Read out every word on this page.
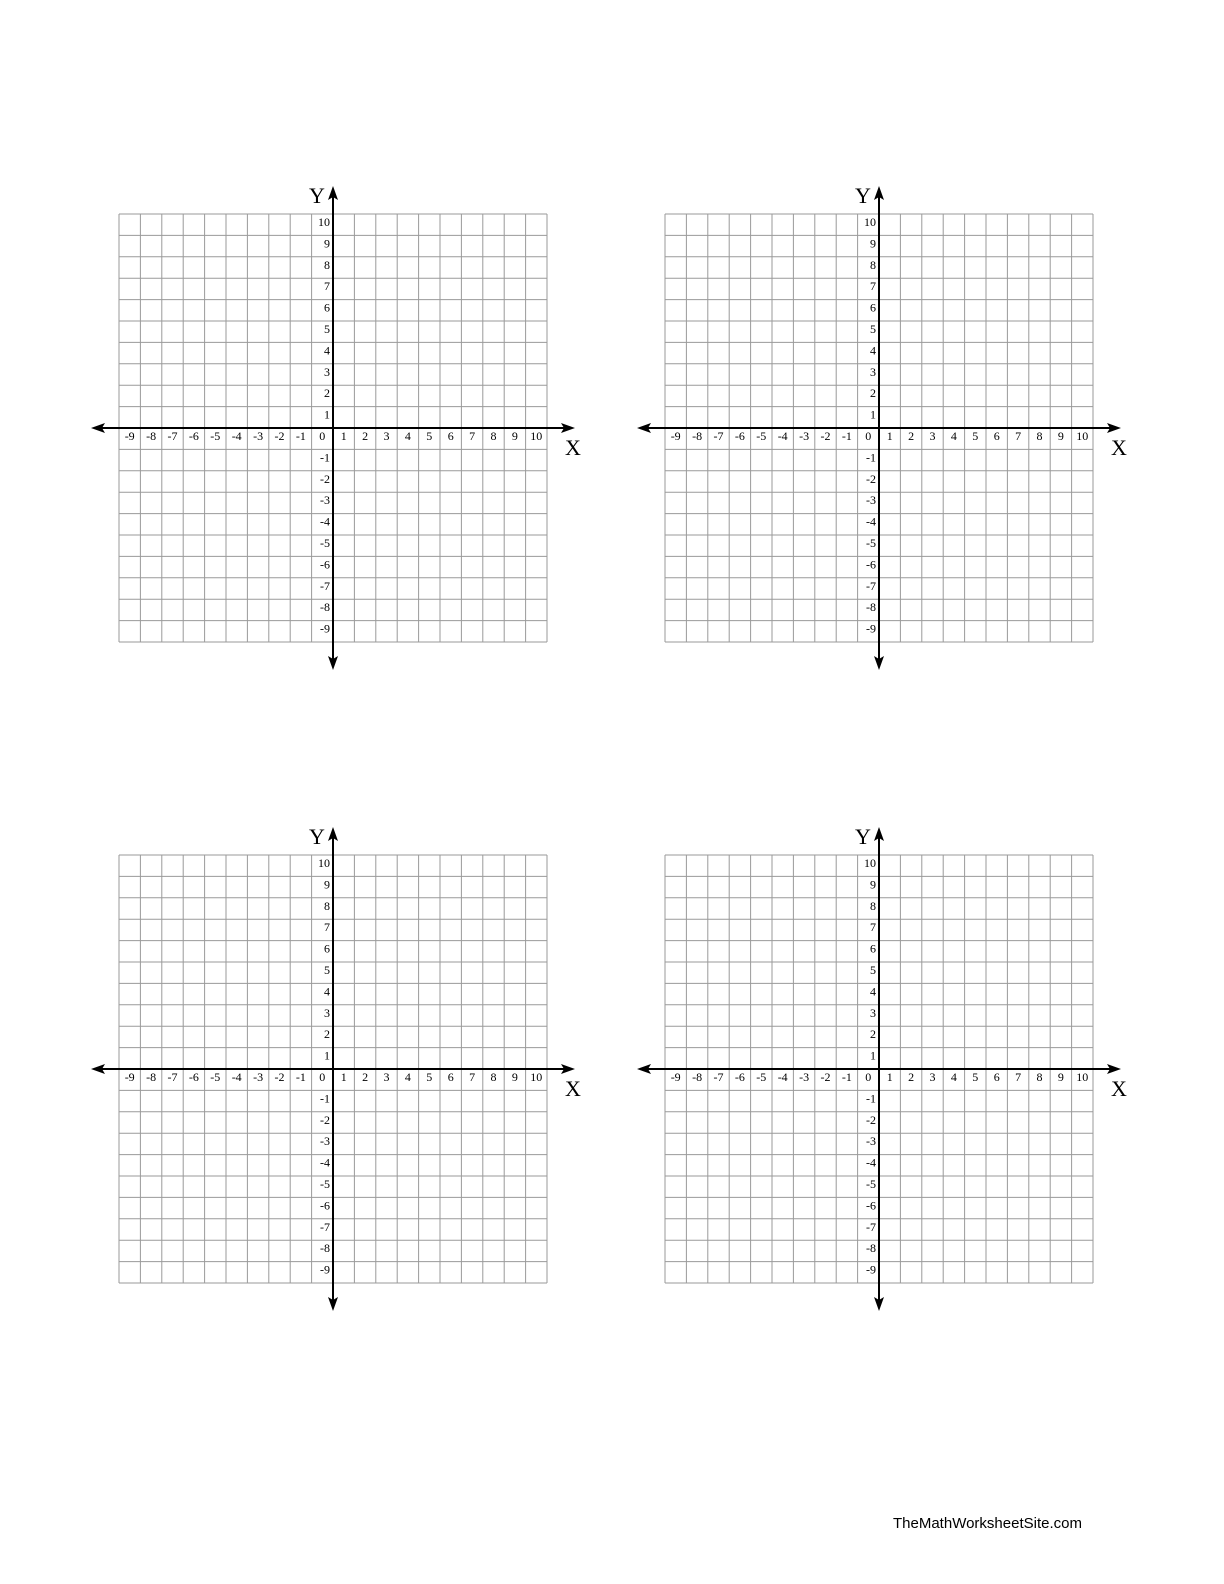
X
Y
-9 -8 -7 -6 -5 -4 -3 -2 -1 0 1 2 3 4 5 6 7 8 9 10
10
9
8
7
6
5
4
3
2
1
-1
-2
-3
-4
-5
-6
-7
-8
-9
X
Y
-9 -8 -7 -6 -5 -4 -3 -2 -1 0 1 2 3 4 5 6 7 8 9 10
10
9
8
7
6
5
4
3
2
1
-1
-2
-3
-4
-5
-6
-7
-8
-9
X
Y
-9 -8 -7 -6 -5 -4 -3 -2 -1 0 1 2 3 4 5 6 7 8 9 10
10
9
8
7
6
5
4
3
2
1
-1
-2
-3
-4
-5
-6
-7
-8
-9
X
Y
-9 -8 -7 -6 -5 -4 -3 -2 -1 0 1 2 3 4 5 6 7 8 9 10
10
9
8
7
6
5
4
3
2
1
-1
-2
-3
-4
-5
-6
-7
-8
-9
TheMathWorksheetSite.com
